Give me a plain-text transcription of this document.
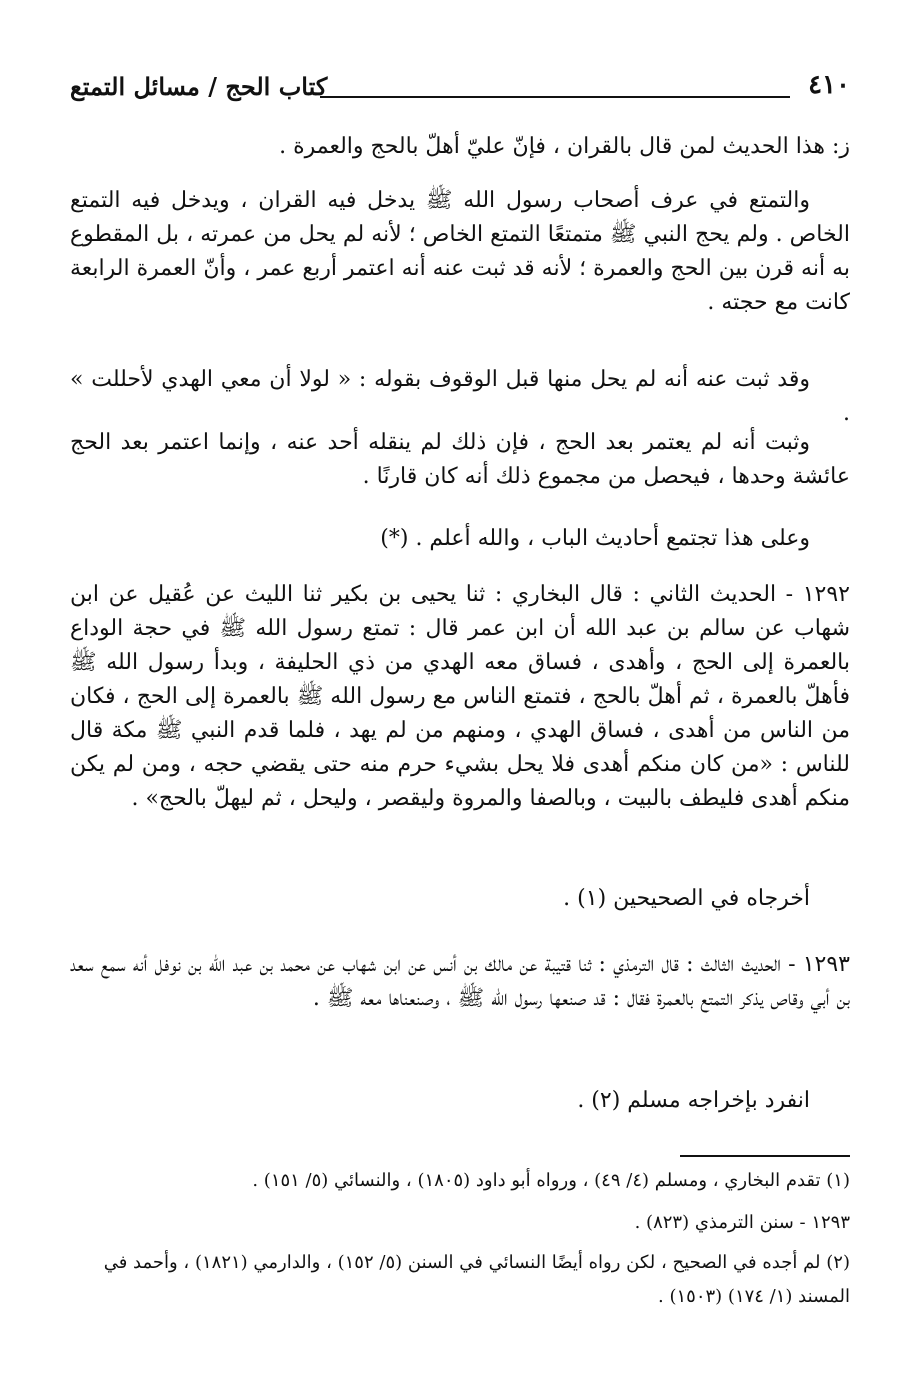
٤١٠
كتاب الحج / مسائل التمتع
ز: هذا الحديث لمن قال بالقران ، فإنّ عليّ أهلّ بالحج والعمرة .
والتمتع في عرف أصحاب رسول الله ﷺ يدخل فيه القران ، ويدخل فيه التمتع الخاص . ولم يحج النبي ﷺ متمتعًا التمتع الخاص ؛ لأنه لم يحل من عمرته ، بل المقطوع به أنه قرن بين الحج والعمرة ؛ لأنه قد ثبت عنه أنه اعتمر أربع عمر ، وأنّ العمرة الرابعة كانت مع حجته .
وقد ثبت عنه أنه لم يحل منها قبل الوقوف بقوله : « لولا أن معي الهدي لأحللت » .
وثبت أنه لم يعتمر بعد الحج ، فإن ذلك لم ينقله أحد عنه ، وإنما اعتمر بعد الحج عائشة وحدها ، فيحصل من مجموع ذلك أنه كان قارنًا .
وعلى هذا تجتمع أحاديث الباب ، والله أعلم . (*)
١٢٩٢ - الحديث الثاني : قال البخاري : ثنا يحيى بن بكير ثنا الليث عن عُقيل عن ابن شهاب عن سالم بن عبد الله أن ابن عمر قال : تمتع رسول الله ﷺ في حجة الوداع بالعمرة إلى الحج ، وأهدى ، فساق معه الهدي من ذي الحليفة ، وبدأ رسول الله ﷺ فأهلّ بالعمرة ، ثم أهلّ بالحج ، فتمتع الناس مع رسول الله ﷺ بالعمرة إلى الحج ، فكان من الناس من أهدى ، فساق الهدي ، ومنهم من لم يهد ، فلما قدم النبي ﷺ مكة قال للناس : «من كان منكم أهدى فلا يحل بشيء حرم منه حتى يقضي حجه ، ومن لم يكن منكم أهدى فليطف بالبيت ، وبالصفا والمروة وليقصر ، وليحل ، ثم ليهلّ بالحج» .
أخرجاه في الصحيحين (١) .
١٢٩٣ - الحديث الثالث : قال الترمذي : ثنا قتيبة عن مالك بن أنس عن ابن شهاب عن محمد بن عبد الله بن نوفل أنه سمع سعد بن أبي وقاص يذكر التمتع بالعمرة فقال : قد صنعها رسول الله ﷺ ، وصنعناها معه ﷺ .
انفرد بإخراجه مسلم (٢) .
(١) تقدم البخاري ، ومسلم (٤/ ٤٩) ، ورواه أبو داود (١٨٠٥) ، والنسائي (٥/ ١٥١) .
١٢٩٣ - سنن الترمذي (٨٢٣) .
(٢) لم أجده في الصحيح ، لكن رواه أيضًا النسائي في السنن (٥/ ١٥٢) ، والدارمي (١٨٢١) ، وأحمد في المسند (١/ ١٧٤) (١٥٠٣) .
